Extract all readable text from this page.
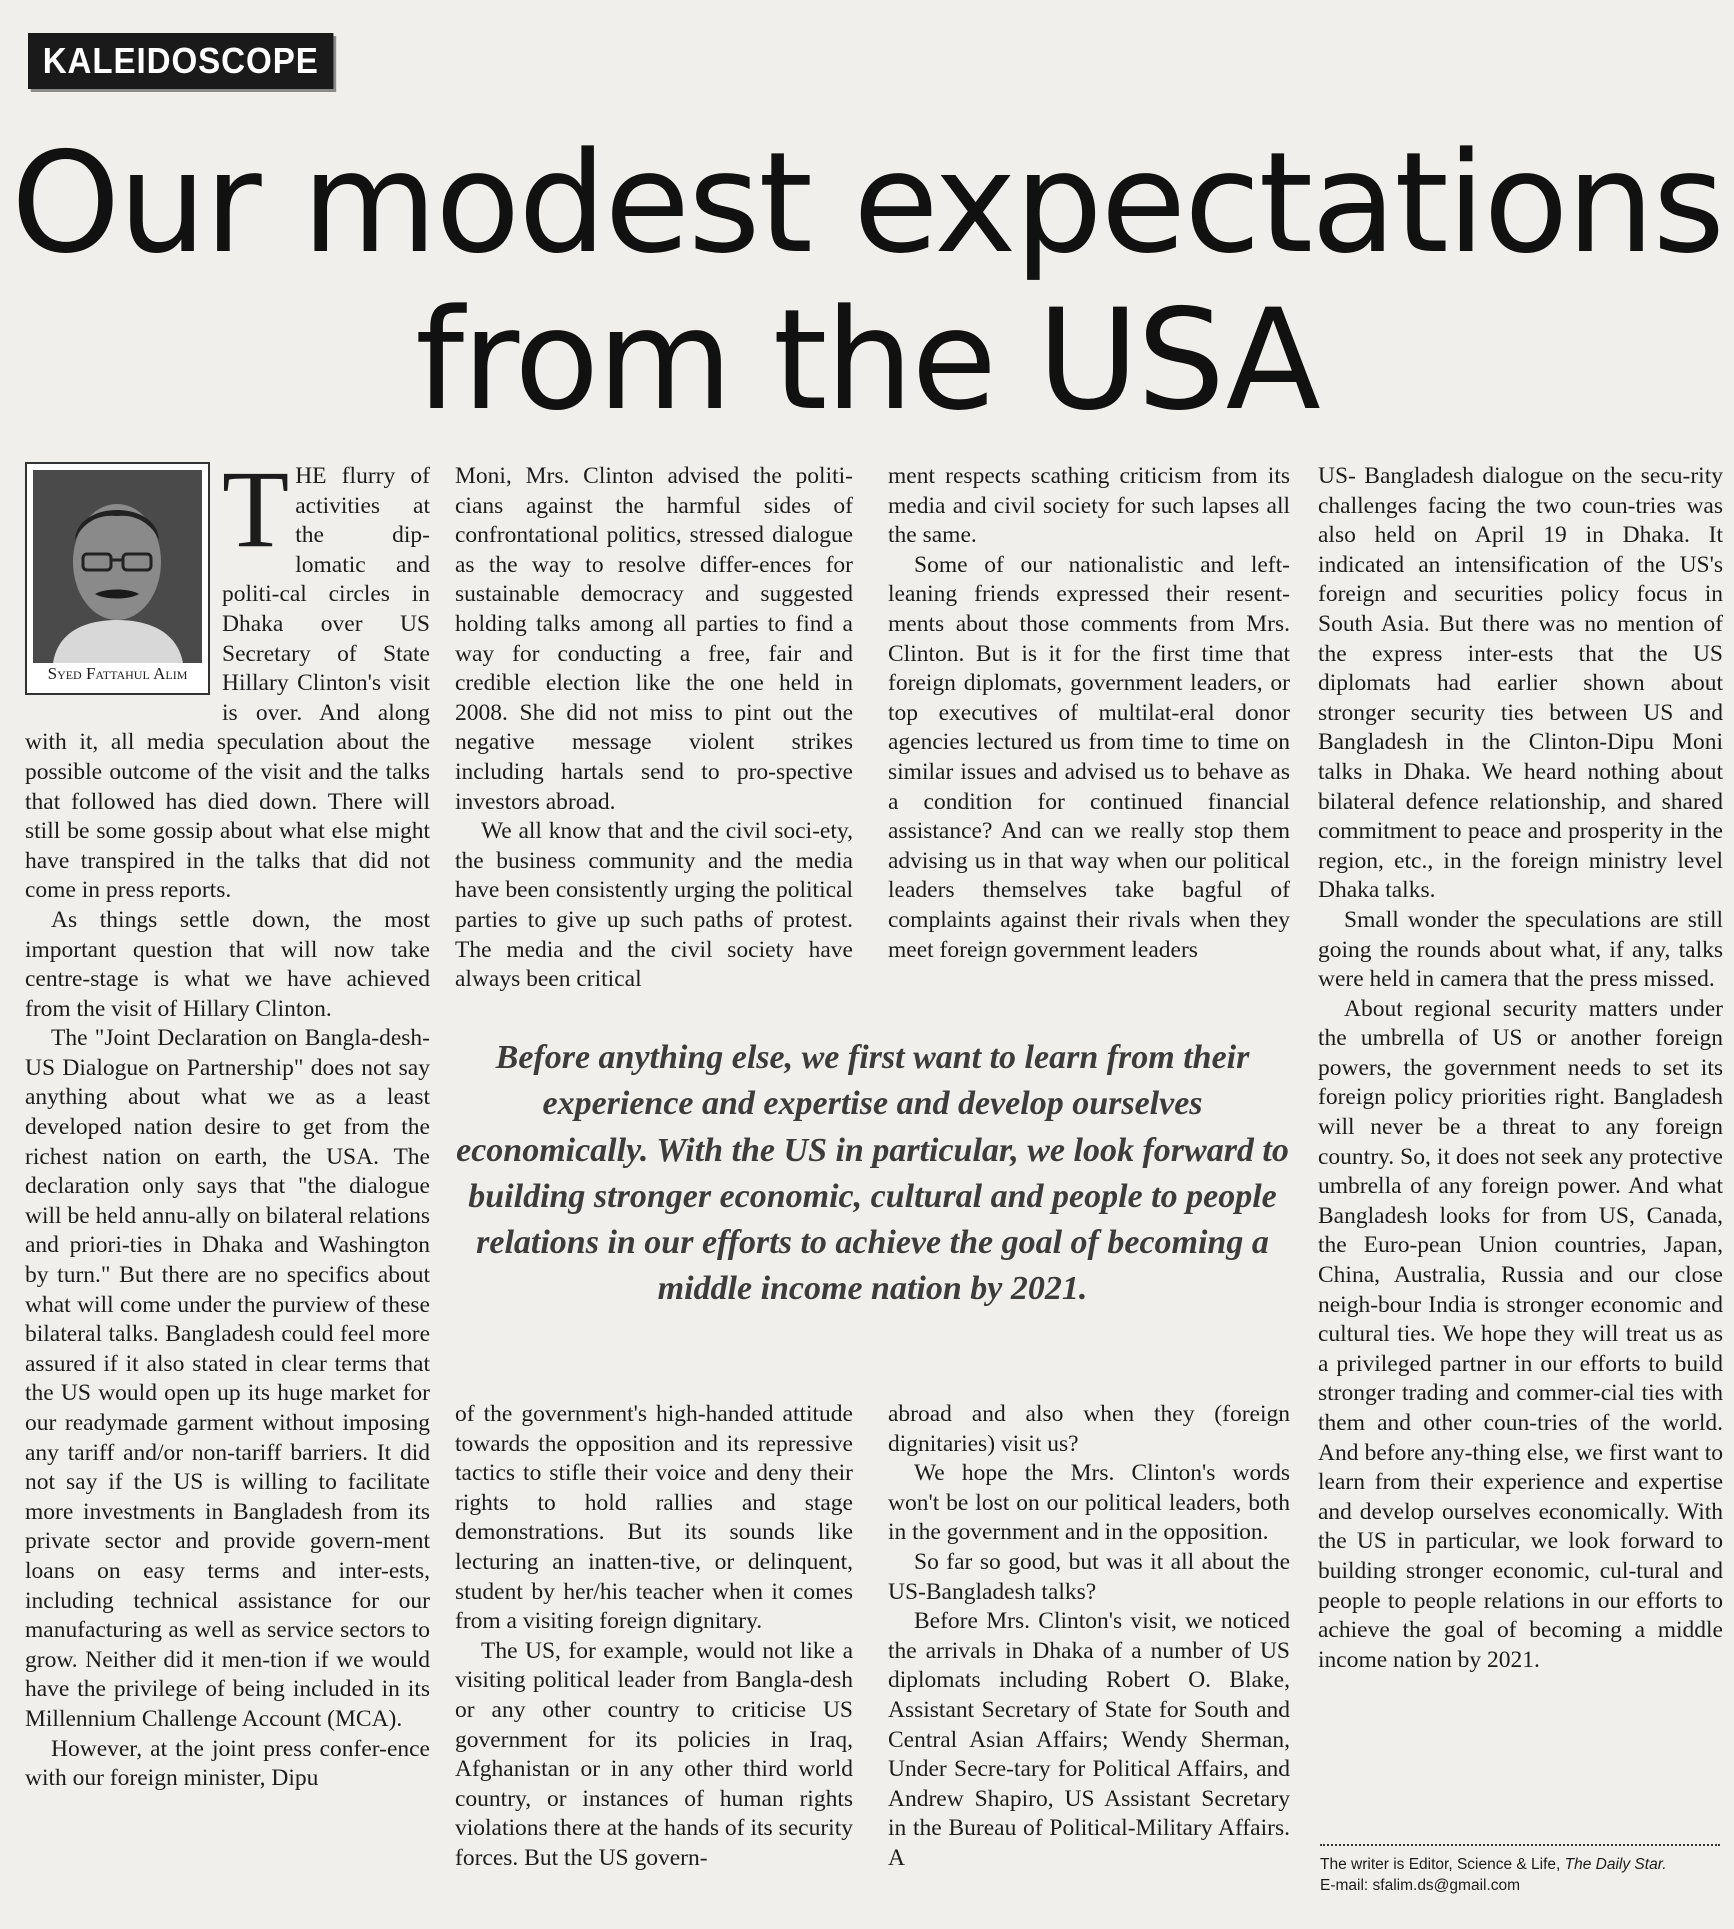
KALEIDOSCOPE
Our modest expectations from the USA
Syed Fattahul Alim
T HE flurry of activities at the dip-lomatic and politi-cal circles in Dhaka over US Secretary of State Hillary Clinton's visit is over. And along with it, all media speculation about the possible outcome of the visit and the talks that followed has died down. There will still be some gossip about what else might have transpired in the talks that did not come in press reports.

As things settle down, the most important question that will now take centre-stage is what we have achieved from the visit of Hillary Clinton.

The "Joint Declaration on Bangla-desh-US Dialogue on Partnership" does not say anything about what we as a least developed nation desire to get from the richest nation on earth, the USA. The declaration only says that "the dialogue will be held annu-ally on bilateral relations and priori-ties in Dhaka and Washington by turn." But there are no specifics about what will come under the purview of these bilateral talks. Bangladesh could feel more assured if it also stated in clear terms that the US would open up its huge market for our readymade garment without imposing any tariff and/or non-tariff barriers. It did not say if the US is willing to facilitate more investments in Bangladesh from its private sector and provide govern-ment loans on easy terms and inter-ests, including technical assistance for our manufacturing as well as service sectors to grow. Neither did it men-tion if we would have the privilege of being included in its Millennium Challenge Account (MCA).

However, at the joint press confer-ence with our foreign minister, Dipu

Moni, Mrs. Clinton advised the politi-cians against the harmful sides of confrontational politics, stressed dialogue as the way to resolve differ-ences for sustainable democracy and suggested holding talks among all parties to find a way for conducting a free, fair and credible election like the one held in 2008. She did not miss to pint out the negative message violent strikes including hartals send to pro-spective investors abroad.

We all know that and the civil soci-ety, the business community and the media have been consistently urging the political parties to give up such paths of protest. The media and the civil society have always been critical

ment respects scathing criticism from its media and civil society for such lapses all the same.

Some of our nationalistic and left-leaning friends expressed their resent-ments about those comments from Mrs. Clinton. But is it for the first time that foreign diplomats, government leaders, or top executives of multilat-eral donor agencies lectured us from time to time on similar issues and advised us to behave as a condition for continued financial assistance? And can we really stop them advising us in that way when our political leaders themselves take bagful of complaints against their rivals when they meet foreign government leaders

Before anything else, we first want to learn from their experience and expertise and develop ourselves economically. With the US in particular, we look forward to building stronger economic, cultural and people to people relations in our efforts to achieve the goal of becoming a middle income nation by 2021.

of the government's high-handed attitude towards the opposition and its repressive tactics to stifle their voice and deny their rights to hold rallies and stage demonstrations. But its sounds like lecturing an inatten-tive, or delinquent, student by her/his teacher when it comes from a visiting foreign dignitary.

The US, for example, would not like a visiting political leader from Bangla-desh or any other country to criticise US government for its policies in Iraq, Afghanistan or in any other third world country, or instances of human rights violations there at the hands of its security forces. But the US govern-

abroad and also when they (foreign dignitaries) visit us?

We hope the Mrs. Clinton's words won't be lost on our political leaders, both in the government and in the opposition.

So far so good, but was it all about the US-Bangladesh talks?

Before Mrs. Clinton's visit, we noticed the arrivals in Dhaka of a number of US diplomats including Robert O. Blake, Assistant Secretary of State for South and Central Asian Affairs; Wendy Sherman, Under Secre-tary for Political Affairs, and Andrew Shapiro, US Assistant Secretary in the Bureau of Political-Military Affairs. A

US- Bangladesh dialogue on the secu-rity challenges facing the two coun-tries was also held on April 19 in Dhaka. It indicated an intensification of the US's foreign and securities policy focus in South Asia. But there was no mention of the express inter-ests that the US diplomats had earlier shown about stronger security ties between US and Bangladesh in the Clinton-Dipu Moni talks in Dhaka. We heard nothing about bilateral defence relationship, and shared commitment to peace and prosperity in the region, etc., in the foreign ministry level Dhaka talks.

Small wonder the speculations are still going the rounds about what, if any, talks were held in camera that the press missed.

About regional security matters under the umbrella of US or another foreign powers, the government needs to set its foreign policy priorities right. Bangladesh will never be a threat to any foreign country. So, it does not seek any protective umbrella of any foreign power. And what Bangladesh looks for from US, Canada, the Euro-pean Union countries, Japan, China, Australia, Russia and our close neigh-bour India is stronger economic and cultural ties. We hope they will treat us as a privileged partner in our efforts to build stronger trading and commer-cial ties with them and other coun-tries of the world. And before any-thing else, we first want to learn from their experience and expertise and develop ourselves economically. With the US in particular, we look forward to building stronger economic, cul-tural and people to people relations in our efforts to achieve the goal of becoming a middle income nation by 2021.

The writer is Editor, Science & Life, The Daily Star.
E-mail: sfalim.ds@gmail.com
